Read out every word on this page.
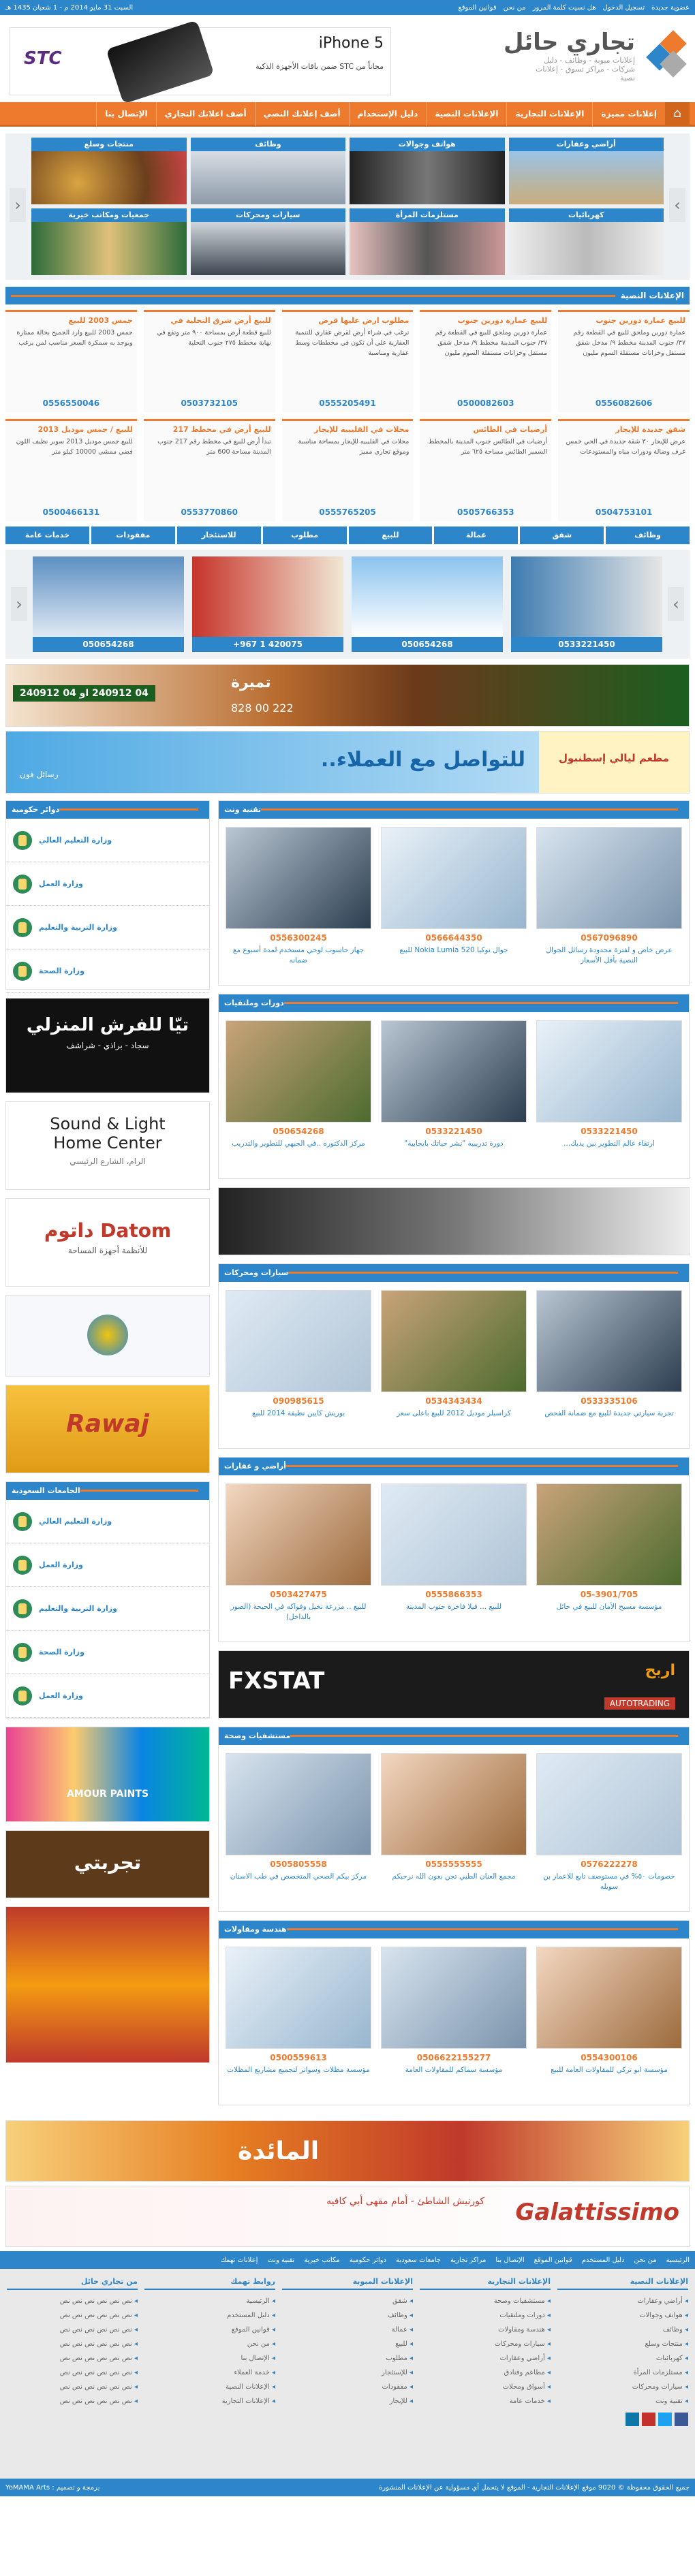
عضوية جديدة
تسجيل الدخول
هل نسيت كلمة المرور
من نحن
قوانين الموقع
السبت 31 مايو 2014 م - 1 شعبان 1435 هـ
تجاري حائل

إعلانات مبوبة - وظائف - دليل شركات - مراكز تسوق - إعلانات نصية

iPhone 5
مجاناً من STC ضمن باقات الأجهزة الذكية
STC
⌂
إعلانات مميزة
الإعلانات التجارية
الإعلانات النصية
دليل الإستخدام
أضف إعلانك النصي
أضف اعلانك التجاري
الإتصال بنا
›
‹
أراضي وعقارات
هواتف وجوالات
وظائف
منتجات وسلع
كهربائيات
مستلزمات المرأة
سيارات ومحركات
جمعيات ومكاتب خيرية
الإعلانات النصية
للبيع عمارة دورين جنوب
عمارة دورين وملحق للبيع في القطعة رقم ٣٧/ جنوب المدينة مخطط ٩/ مدخل شقق مستقل وخزانات مستقلة السوم مليون
0556082606
للبيع عمارة دورين جنوب
عمارة دورين وملحق للبيع في القطعة رقم ٣٧/ جنوب المدينة مخطط ٩/ مدخل شقق مستقل وخزانات مستقلة السوم مليون
0500082603
مطلوب ارض عليها قرض
ترغب في شراء أرض لقرض عقاري للتنمية العقارية علي أن تكون في مخططات وسط عقارية ومناسبة
0555205491
للبيع أرض شرق التحلية في
للبيع قطعة أرض بمساحة ٩٠٠ متر وتقع في نهاية مخطط ٢٧٥ جنوب التحلية
0503732105
جمس 2003 للبيع
جمس 2003 للبيع وارد الجميح بحالة ممتازة ويوجد به سمكرة السعر مناسب لمن يرغب
0556550046
شقق جديدة للإيجار
عرض للإيجار ٣٠ شقة جديدة في الحي خمس غرف وصالة ودورات مياه والمستودعات
0504753101
أرضيات في الطائس
أرضيات في الطائس جنوب المدينة بالمخطط السمير الطائس مساحة ٦٢٥ متر
0505766353
محلات في القليبيه للإيجار
محلات في القليبيه للإيجار بمساحة مناسبة وموقع تجاري مميز
0555765205
للبيع أرض في مخطط 217
تبدأ أرض للبيع في مخطط رقم 217 جنوب المدينة مساحة 600 متر
0553770860
للبيع / جمس موديل 2013
للبيع جمس موديل 2013 سوبر نظيف اللون فضي ممشى 10000 كيلو متر
0500466131
وظائف
شقق
عمالة
للبيع
مطلوب
للاستئجار
مفقودات
خدمات عامة
›
‹
0533221450
050654268
420075 1 967+
050654268
04 240912 او 04 240912
تميرة
222 00 828
للتواصل مع العملاء..
رسائل فون
مطعم ليالي إسطنبول
تقنية ونت
0567096890
عرض خاص و لفترة محدودة رسائل الجوال النصية بأقل الأسعار
0566644350
جوال نوكيا Nokia Lumia 520 للبيع
0556300245
جهاز حاسوب لوحي مستخدم لمدة أسبوع مع ضمانه
دورات وملتقيات
0533221450
ارتقاء عالم التطوير بين يديك...
0533221450
دورة تدريبية "نشر حياتك بايجابية"
050654268
مركز الدكتوره ..في الجبهي للتطوير والتدريب
سيارات ومحركات
0533335106
تجربة سيارتي جديدة للبيع مع ضمانة الفحص
0534343434
كراسيلر موديل 2012 للبيع باعلى سعر
090985615
بوريش كايين نظيفة 2014 للبيع
أراضي و عقارات
05-3901/705
مؤسسة مسبح الأمان للبيع في حائل
0555866353
للبيع ... فيلا فاخرة جنوب المدينة
0503427475
للبيع .. مزرعة نخيل وفواكه في الحيحة (الصور بالداخل)
FXSTAT	اربح
AUTOTRADING
مستشفيات وصحة
0576222278
خصومات ٥٠% في مستوصف تابع للاعمار بن سويله
0555555555
مجمع العنان الطبي تجن بعون الله نرحبكم
0505805558
مركز بيكم الصحي المتخصص في طب الاسنان
هندسة ومقاولات
0554300106
مؤسسة ابو تركي للمقاولات العامة للبيع
0506622155277
مؤسسة سماكم للمقاولات العامة
0500559613
مؤسسة مظلات وسواتر لتجميع مشاريع المظلات
دوائر حكومية
وزارة التعليم العالي
وزارة العمل
وزارة التربية والتعليم
وزارة الصحة
تيّا للفرش المنزلي
سجاد - براذي - شراشف
Sound & Light Home Center
الرام، الشارع الرئيسي
Datom داتوم
للأنظمة أجهزة المساحة
Rawaj
الجامعات السعودية
وزارة التعليم العالي
وزارة العمل
وزارة التربية والتعليم
وزارة الصحة
وزارة العمل
AMOUR PAINTS
تجربتي
المائدة
Galattissimo
كورنيش الشاطئ - أمام مقهى أبي كافيه
الرئيسية
من نحن
دليل المستخدم
قوانين الموقع
الإتصال بنا
مراكز تجارية
جامعات سعودية
دوائر حكومية
مكاتب خيرية
تقنية ونت
إعلانات تهمك
الإعلانات النصية
◂ أراضي وعقارات
◂ هواتف وجوالات
◂ وظائف
◂ منتجات وسلع
◂ كهربائيات
◂ مستلزمات المرأة
◂ سيارات ومحركات
◂ تقنية ونت
الإعلانات التجارية
◂ مستشفيات وصحة
◂ دورات وملتقيات
◂ هندسة ومقاولات
◂ سيارات ومحركات
◂ أراضي وعقارات
◂ مطاعم وفنادق
◂ أسواق ومحلات
◂ خدمات عامة
الإعلانات المبوبة
◂ شقق
◂ وظائف
◂ عمالة
◂ للبيع
◂ مطلوب
◂ للإستئجار
◂ مفقودات
◂ للإيجار
روابط تهمك
◂ الرئيسية
◂ دليل المستخدم
◂ قوانين الموقع
◂ من نحن
◂ الإتصال بنا
◂ خدمة العملاء
◂ الإعلانات النصية
◂ الإعلانات التجارية
من تجاري حائل
◂ نص نص نص نص نص نص
◂ نص نص نص نص نص نص
◂ نص نص نص نص نص نص
◂ نص نص نص نص نص نص
◂ نص نص نص نص نص نص
◂ نص نص نص نص نص نص
◂ نص نص نص نص نص نص
◂ نص نص نص نص نص نص
جميع الحقوق محفوظة © 9020 موقع الإعلانات التجارية - الموقع لا يتحمل أي مسؤولية عن الإعلانات المنشورة
برمجة و تصميم : YoMAMA Arts
